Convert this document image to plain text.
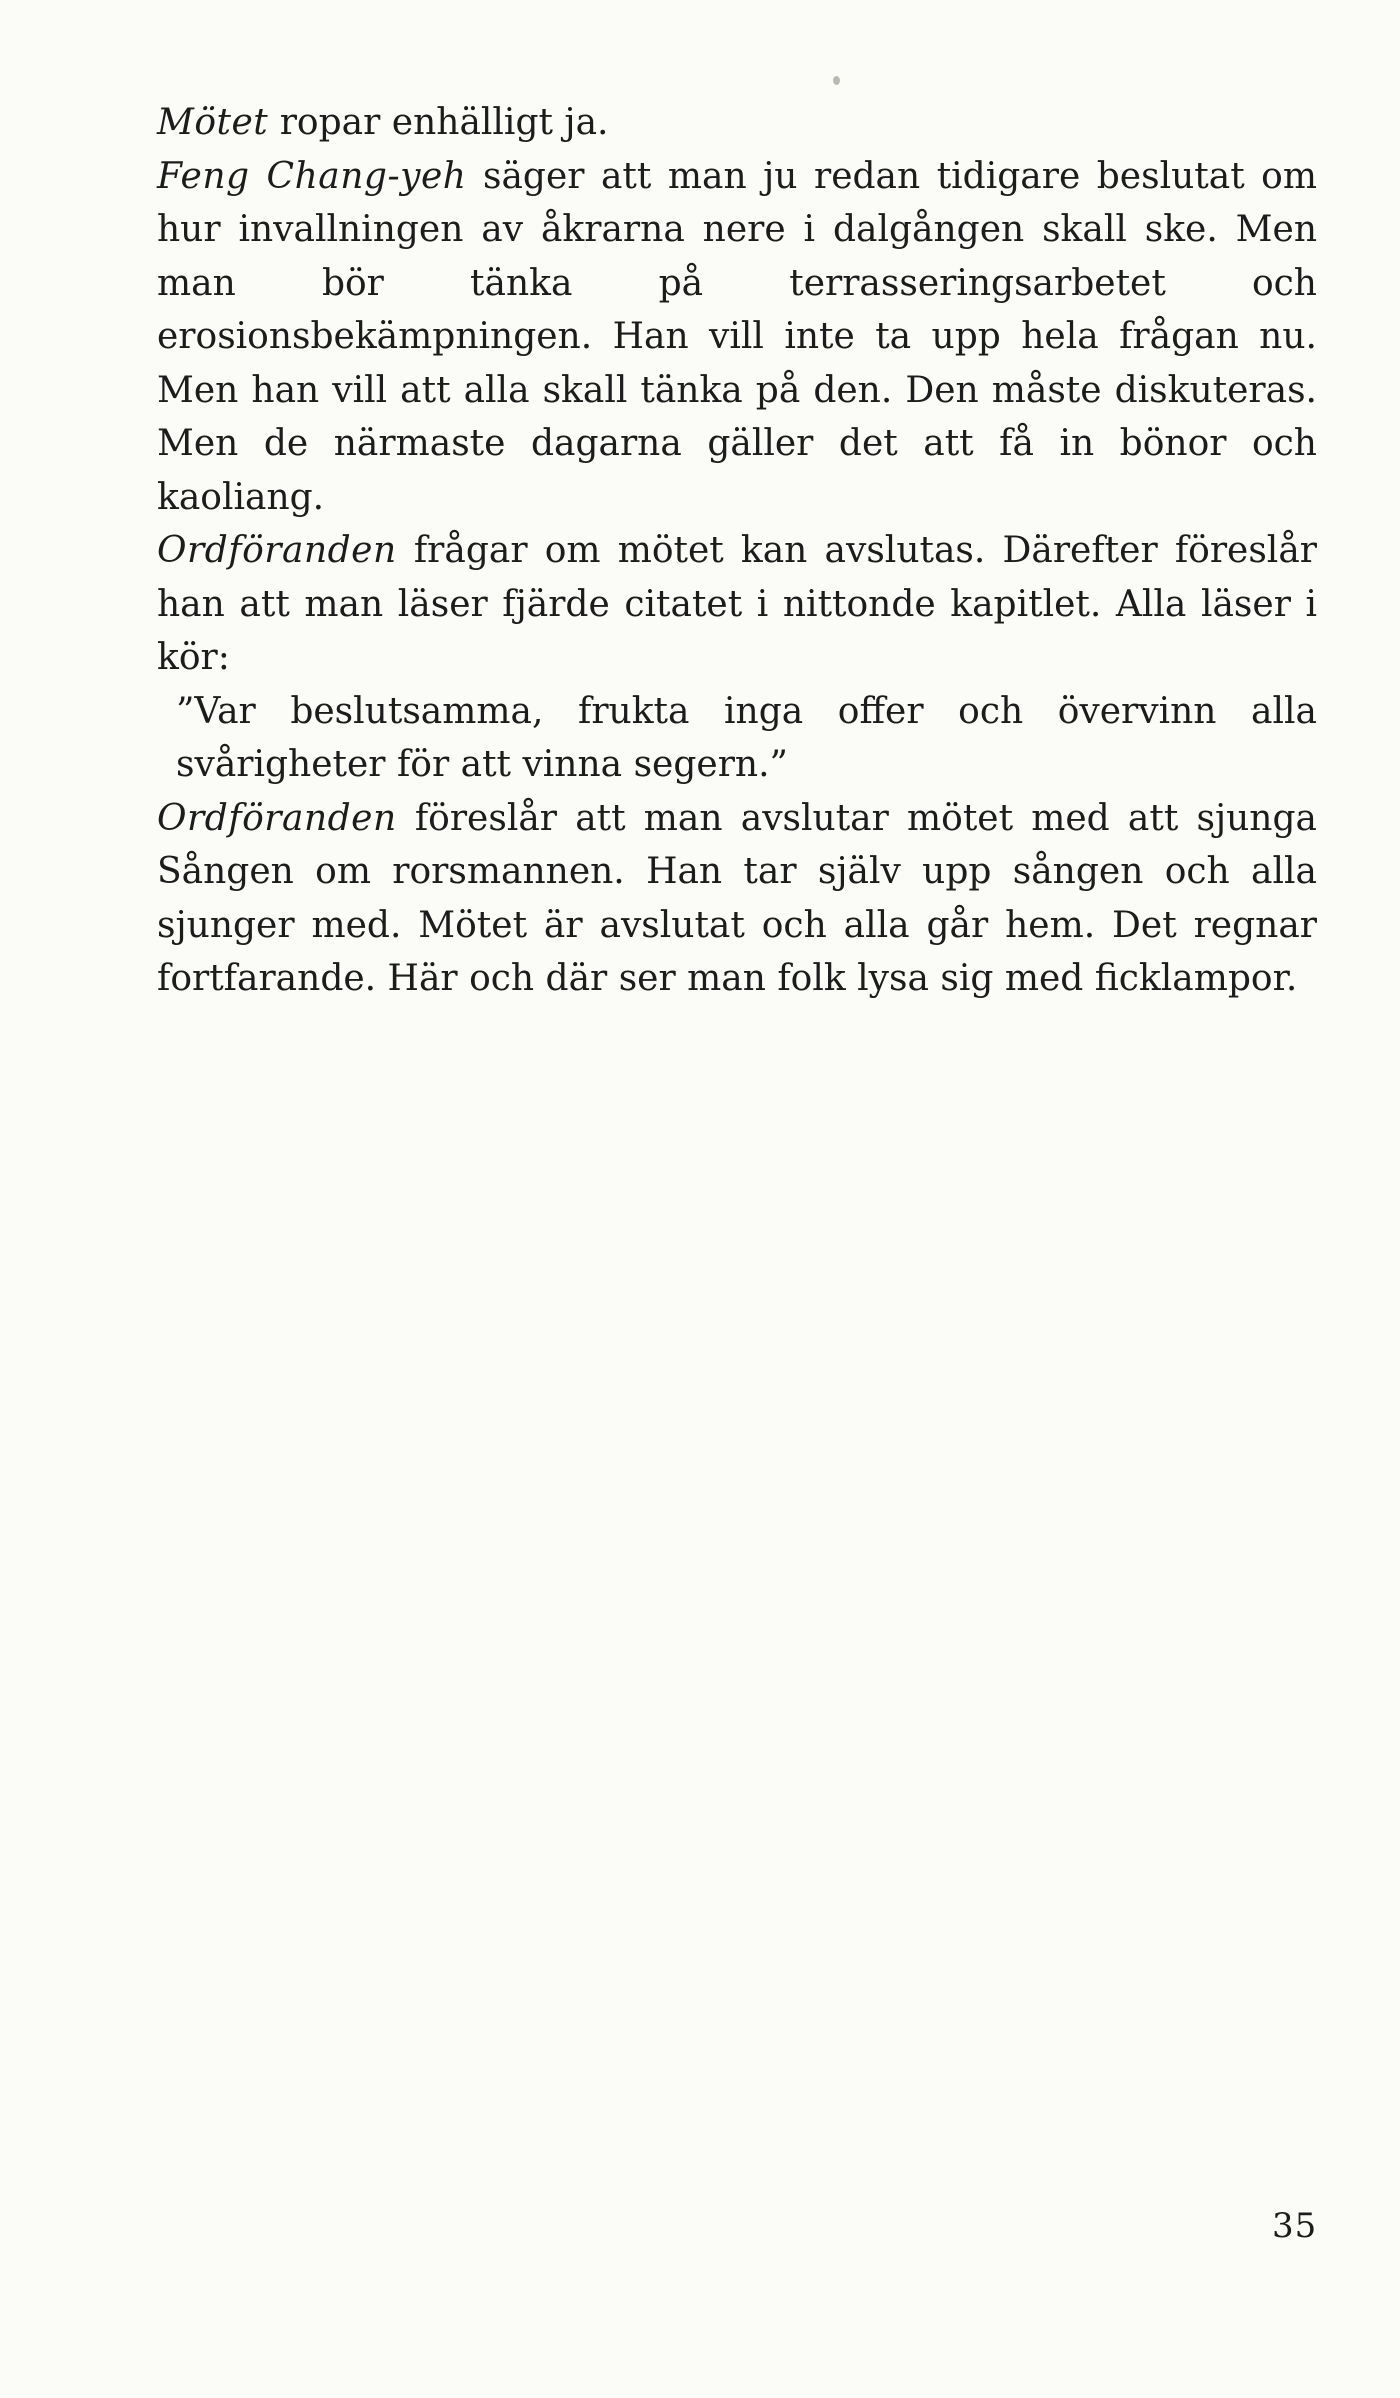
Mötet ropar enhälligt ja.

Feng Chang-yeh säger att man ju redan tidigare beslutat om hur invallningen av åkrarna nere i dalgången skall ske. Men man bör tänka på terrasseringsarbetet och erosionsbekämpningen. Han vill inte ta upp hela frågan nu. Men han vill att alla skall tänka på den. Den måste diskuteras. Men de närmaste dagarna gäller det att få in bönor och kaoliang.

Ordföranden frågar om mötet kan avslutas. Därefter föreslår han att man läser fjärde citatet i nittonde kapitlet. Alla läser i kör:

”Var beslutsamma, frukta inga offer och övervinn alla svårigheter för att vinna segern.”

Ordföranden föreslår att man avslutar mötet med att sjunga Sången om rorsmannen. Han tar själv upp sången och alla sjunger med. Mötet är avslutat och alla går hem. Det regnar fortfarande. Här och där ser man folk lysa sig med ficklampor.

35
